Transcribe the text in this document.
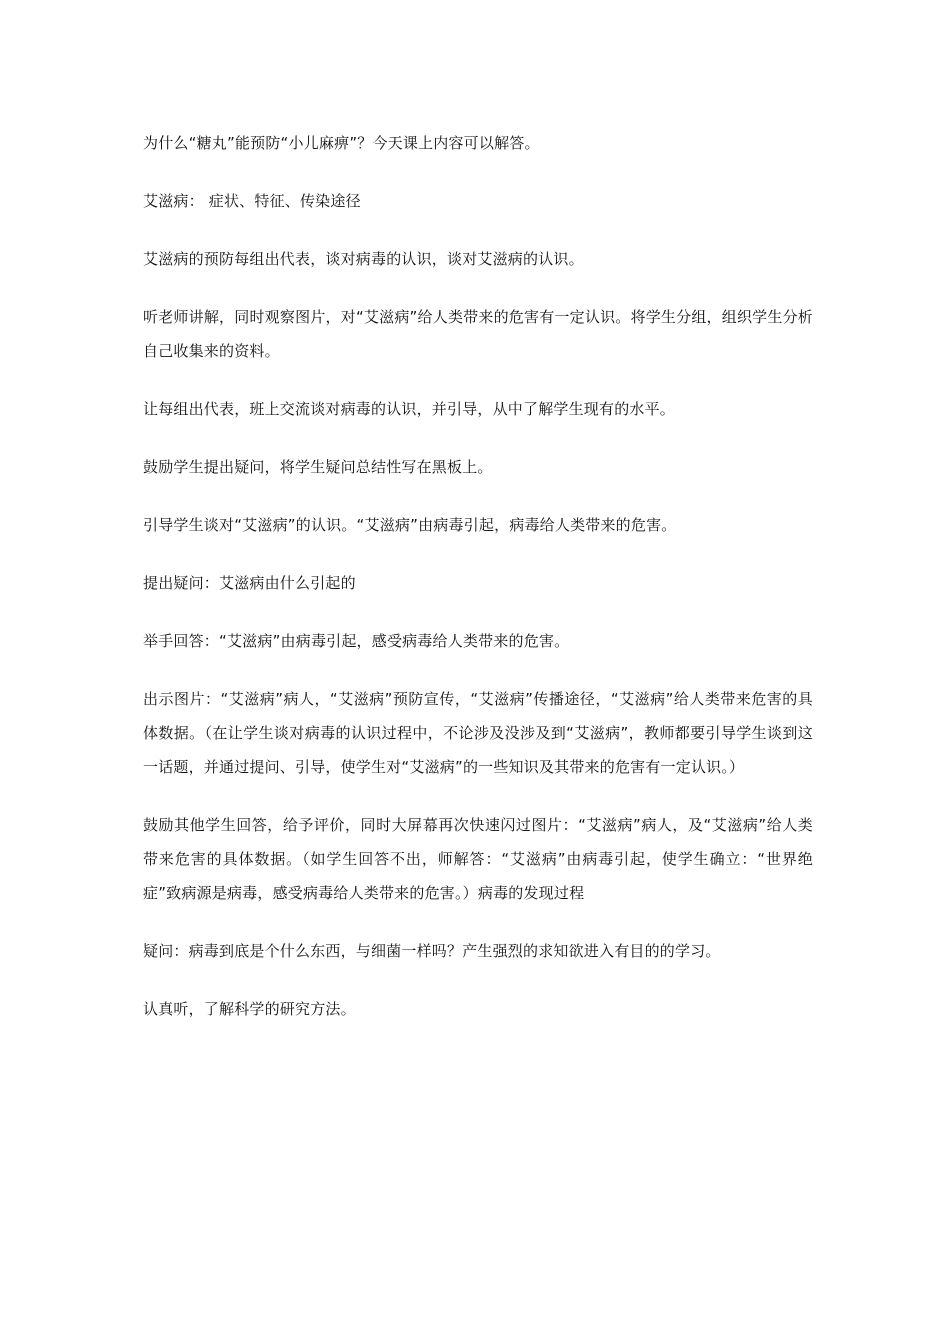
为什么“糖丸”能预防“小儿麻痹”？今天课上内容可以解答。

艾滋病： 症状、特征、传染途径

艾滋病的预防每组出代表，谈对病毒的认识，谈对艾滋病的认识。

听老师讲解，同时观察图片，对“艾滋病”给人类带来的危害有一定认识。将学生分组，组织学生分析自己收集来的资料。

让每组出代表，班上交流谈对病毒的认识，并引导，从中了解学生现有的水平。

鼓励学生提出疑问，将学生疑问总结性写在黑板上。

引导学生谈对“艾滋病”的认识。“艾滋病”由病毒引起，病毒给人类带来的危害。

提出疑问：艾滋病由什么引起的

举手回答：“艾滋病”由病毒引起，感受病毒给人类带来的危害。

出示图片：“艾滋病”病人，“艾滋病”预防宣传，“艾滋病”传播途径，“艾滋病”给人类带来危害的具体数据。（在让学生谈对病毒的认识过程中，不论涉及没涉及到“艾滋病”，教师都要引导学生谈到这一话题，并通过提问、引导，使学生对“艾滋病”的一些知识及其带来的危害有一定认识。）

鼓励其他学生回答，给予评价，同时大屏幕再次快速闪过图片：“艾滋病”病人，及“艾滋病”给人类带来危害的具体数据。（如学生回答不出，师解答：“艾滋病”由病毒引起，使学生确立：“世界绝症”致病源是病毒，感受病毒给人类带来的危害。）病毒的发现过程

疑问：病毒到底是个什么东西，与细菌一样吗？产生强烈的求知欲进入有目的的学习。

认真听，了解科学的研究方法。
